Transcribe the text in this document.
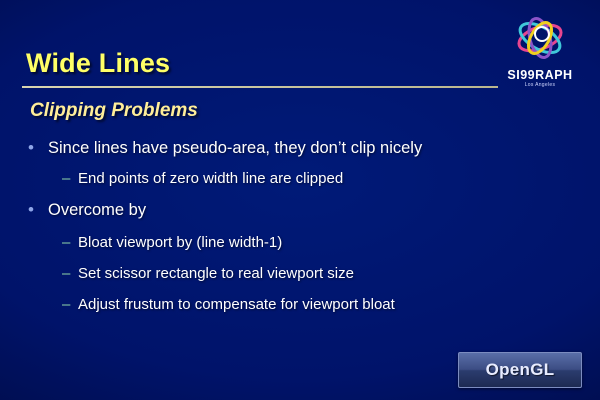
SI99RAPH
Los Angeles
Wide Lines
Clipping Problems
• Since lines have pseudo-area, they don’t clip nicely
– End points of zero width line are clipped
• Overcome by
– Bloat viewport by (line width-1)
– Set scissor rectangle to real viewport size
– Adjust frustum to compensate for viewport bloat
OpenGL
